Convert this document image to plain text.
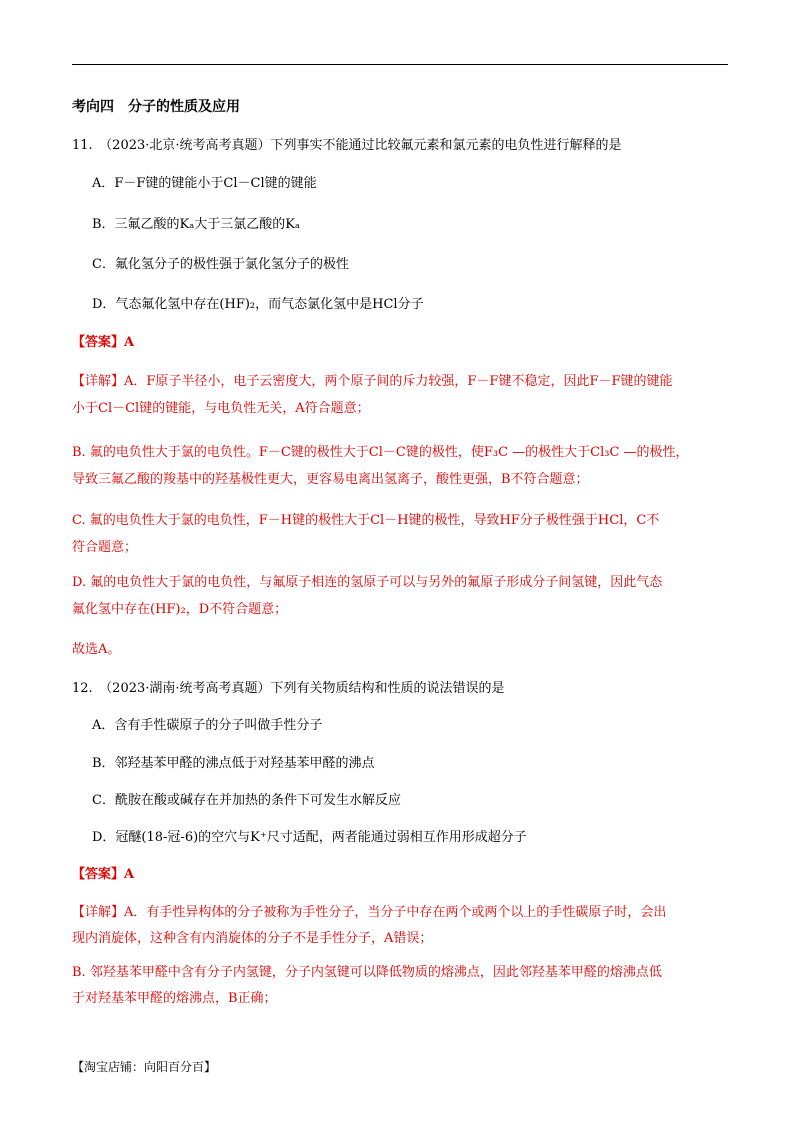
考向四　分子的性质及应用
11.　（2023·北京·统考高考真题）下列事实不能通过比较氟元素和氯元素的电负性进行解释的是
A．F－F键的键能小于Cl－Cl键的键能
B．三氟乙酸的Kₐ大于三氯乙酸的Kₐ
C．氟化氢分子的极性强于氯化氢分子的极性
D．气态氟化氢中存在(HF)₂，而气态氯化氢中是HCl分子
【答案】A
【详解】A．F原子半径小，电子云密度大，两个原子间的斥力较强，F－F键不稳定，因此F－F键的键能
小于Cl－Cl键的键能，与电负性无关，A符合题意；
B. 氟的电负性大于氯的电负性。F－C键的极性大于Cl－C键的极性，使F₃C —的极性大于Cl₃C —的极性，
导致三氟乙酸的羧基中的羟基极性更大，更容易电离出氢离子，酸性更强，B不符合题意；
C. 氟的电负性大于氯的电负性，F－H键的极性大于Cl－H键的极性，导致HF分子极性强于HCl，C不
符合题意；
D. 氟的电负性大于氯的电负性，与氟原子相连的氢原子可以与另外的氟原子形成分子间氢键，因此气态
氟化氢中存在(HF)₂，D不符合题意；
故选A。
12.　（2023·湖南·统考高考真题）下列有关物质结构和性质的说法错误的是
A．含有手性碳原子的分子叫做手性分子
B．邻羟基苯甲醛的沸点低于对羟基苯甲醛的沸点
C．酰胺在酸或碱存在并加热的条件下可发生水解反应
D．冠醚(18-冠-6)的空穴与K⁺尺寸适配，两者能通过弱相互作用形成超分子
【答案】A
【详解】A．有手性异构体的分子被称为手性分子，当分子中存在两个或两个以上的手性碳原子时，会出
现内消旋体，这种含有内消旋体的分子不是手性分子，A错误；
B. 邻羟基苯甲醛中含有分子内氢键，分子内氢键可以降低物质的熔沸点，因此邻羟基苯甲醛的熔沸点低
于对羟基苯甲醛的熔沸点，B正确；
【淘宝店铺：向阳百分百】
